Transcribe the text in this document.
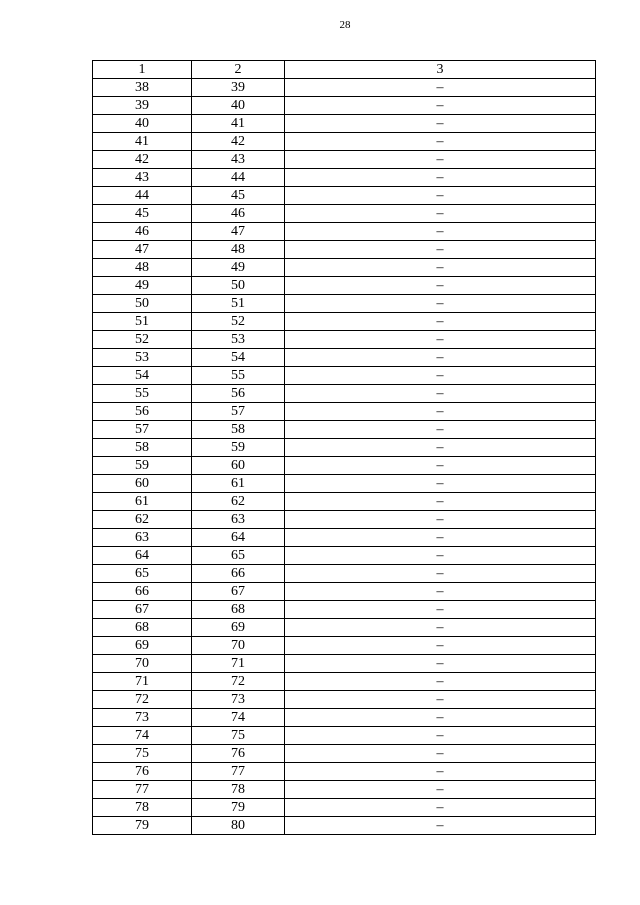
28
1	2	3
38	39	–
39	40	–
40	41	–
41	42	–
42	43	–
43	44	–
44	45	–
45	46	–
46	47	–
47	48	–
48	49	–
49	50	–
50	51	–
51	52	–
52	53	–
53	54	–
54	55	–
55	56	–
56	57	–
57	58	–
58	59	–
59	60	–
60	61	–
61	62	–
62	63	–
63	64	–
64	65	–
65	66	–
66	67	–
67	68	–
68	69	–
69	70	–
70	71	–
71	72	–
72	73	–
73	74	–
74	75	–
75	76	–
76	77	–
77	78	–
78	79	–
79	80	–
